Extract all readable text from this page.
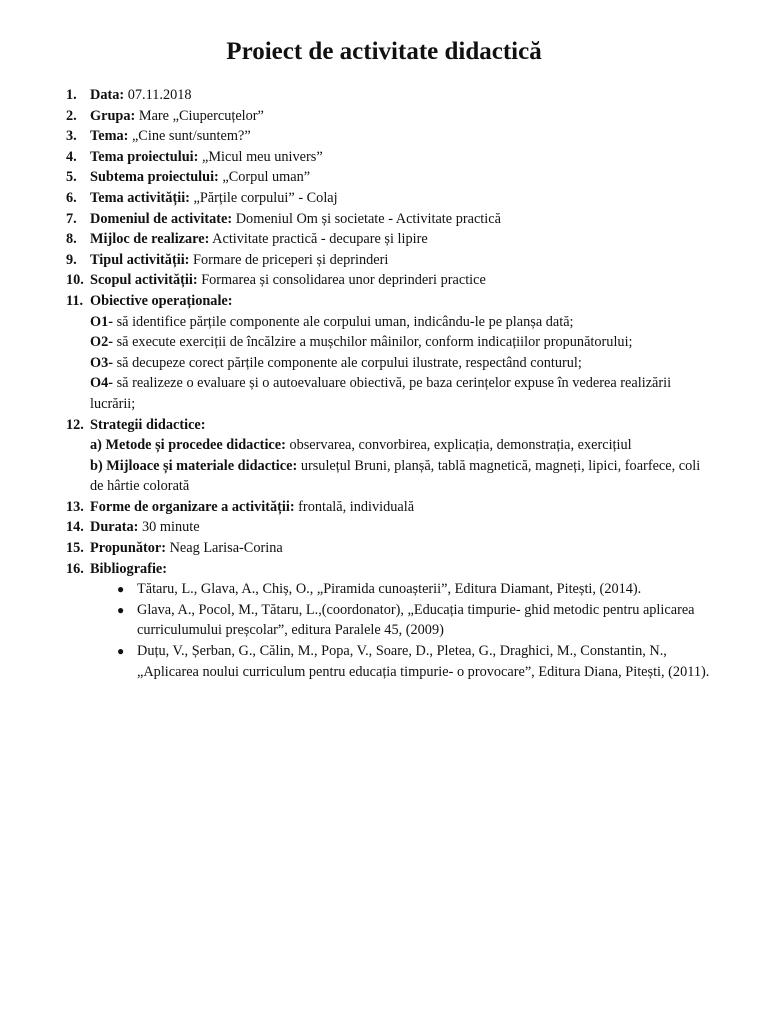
Proiect de activitate didactică
1. Data: 07.11.2018
2. Grupa: Mare „Ciupercuțelor”
3. Tema: „Cine sunt/suntem?”
4. Tema proiectului: „Micul meu univers”
5. Subtema proiectului: „Corpul uman”
6. Tema activității: „Părțile corpului” - Colaj
7. Domeniul de activitate: Domeniul Om și societate - Activitate practică
8. Mijloc de realizare: Activitate practică - decupare și lipire
9. Tipul activității: Formare de priceperi și deprinderi
10. Scopul activității: Formarea și consolidarea unor deprinderi practice
11. Obiective operaționale:
O1- să identifice părțile componente ale corpului uman, indicându-le pe planșa dată;
O2- să execute exerciții de încălzire a mușchilor mâinilor, conform indicațiilor propunătorului;
O3- să decupeze corect părțile componente ale corpului ilustrate, respectând conturul;
O4- să realizeze o evaluare și o autoevaluare obiectivă, pe baza cerințelor expuse în vederea realizării lucrării;
12. Strategii didactice:
a) Metode și procedee didactice: observarea, convorbirea, explicația, demonstrația, exercițiul
b) Mijloace și materiale didactice: ursulețul Bruni, planșă, tablă magnetică, magneți, lipici, foarfece, coli de hârtie colorată
13. Forme de organizare a activității: frontală, individuală
14. Durata: 30 minute
15. Propunător: Neag Larisa-Corina
16. Bibliografie:
● Tătaru, L., Glava, A., Chiș, O., „Piramida cunoașterii”, Editura Diamant, Pitești, (2014).
● Glava, A., Pocol, M., Tătaru, L.,(coordonator), „Educația timpurie- ghid metodic pentru aplicarea curriculumului preșcolar”, editura Paralele 45, (2009)
● Duțu, V., Șerban, G., Călin, M., Popa, V., Soare, D., Pletea, G., Draghici, M., Constantin, N., „Aplicarea noului curriculum pentru educația timpurie- o provocare”, Editura Diana, Pitești, (2011).
